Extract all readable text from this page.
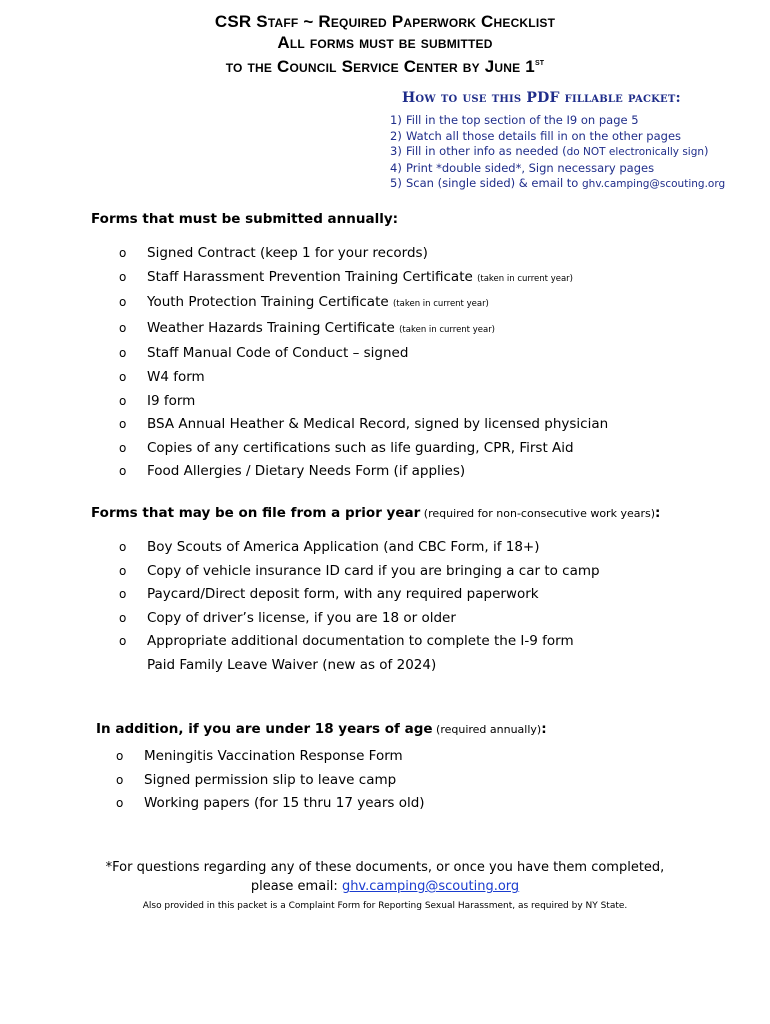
CSR Staff ~ Required Paperwork Checklist
All forms must be submitted
to the Council Service Center by June 1st
How to use this PDF fillable packet:
1) Fill in the top section of the I9 on page 5
2) Watch all those details fill in on the other pages
3) Fill in other info as needed (do NOT electronically sign)
4) Print *double sided*, Sign necessary pages
5) Scan (single sided) & email to ghv.camping@scouting.org
Forms that must be submitted annually:
o Signed Contract (keep 1 for your records)
o Staff Harassment Prevention Training Certificate (taken in current year)
o Youth Protection Training Certificate (taken in current year)
o Weather Hazards Training Certificate (taken in current year)
o Staff Manual Code of Conduct – signed
o W4 form
o I9 form
o BSA Annual Heather & Medical Record, signed by licensed physician
o Copies of any certifications such as life guarding, CPR, First Aid
o Food Allergies / Dietary Needs Form (if applies)
Forms that may be on file from a prior year (required for non-consecutive work years):
o Boy Scouts of America Application (and CBC Form, if 18+)
o Copy of vehicle insurance ID card if you are bringing a car to camp
o Paycard/Direct deposit form, with any required paperwork
o Copy of driver’s license, if you are 18 or older
o Appropriate additional documentation to complete the I-9 form
Paid Family Leave Waiver (new as of 2024)
In addition, if you are under 18 years of age (required annually):
o Meningitis Vaccination Response Form
o Signed permission slip to leave camp
o Working papers (for 15 thru 17 years old)
*For questions regarding any of these documents, or once you have them completed,
please email: ghv.camping@scouting.org
Also provided in this packet is a Complaint Form for Reporting Sexual Harassment, as required by NY State.
